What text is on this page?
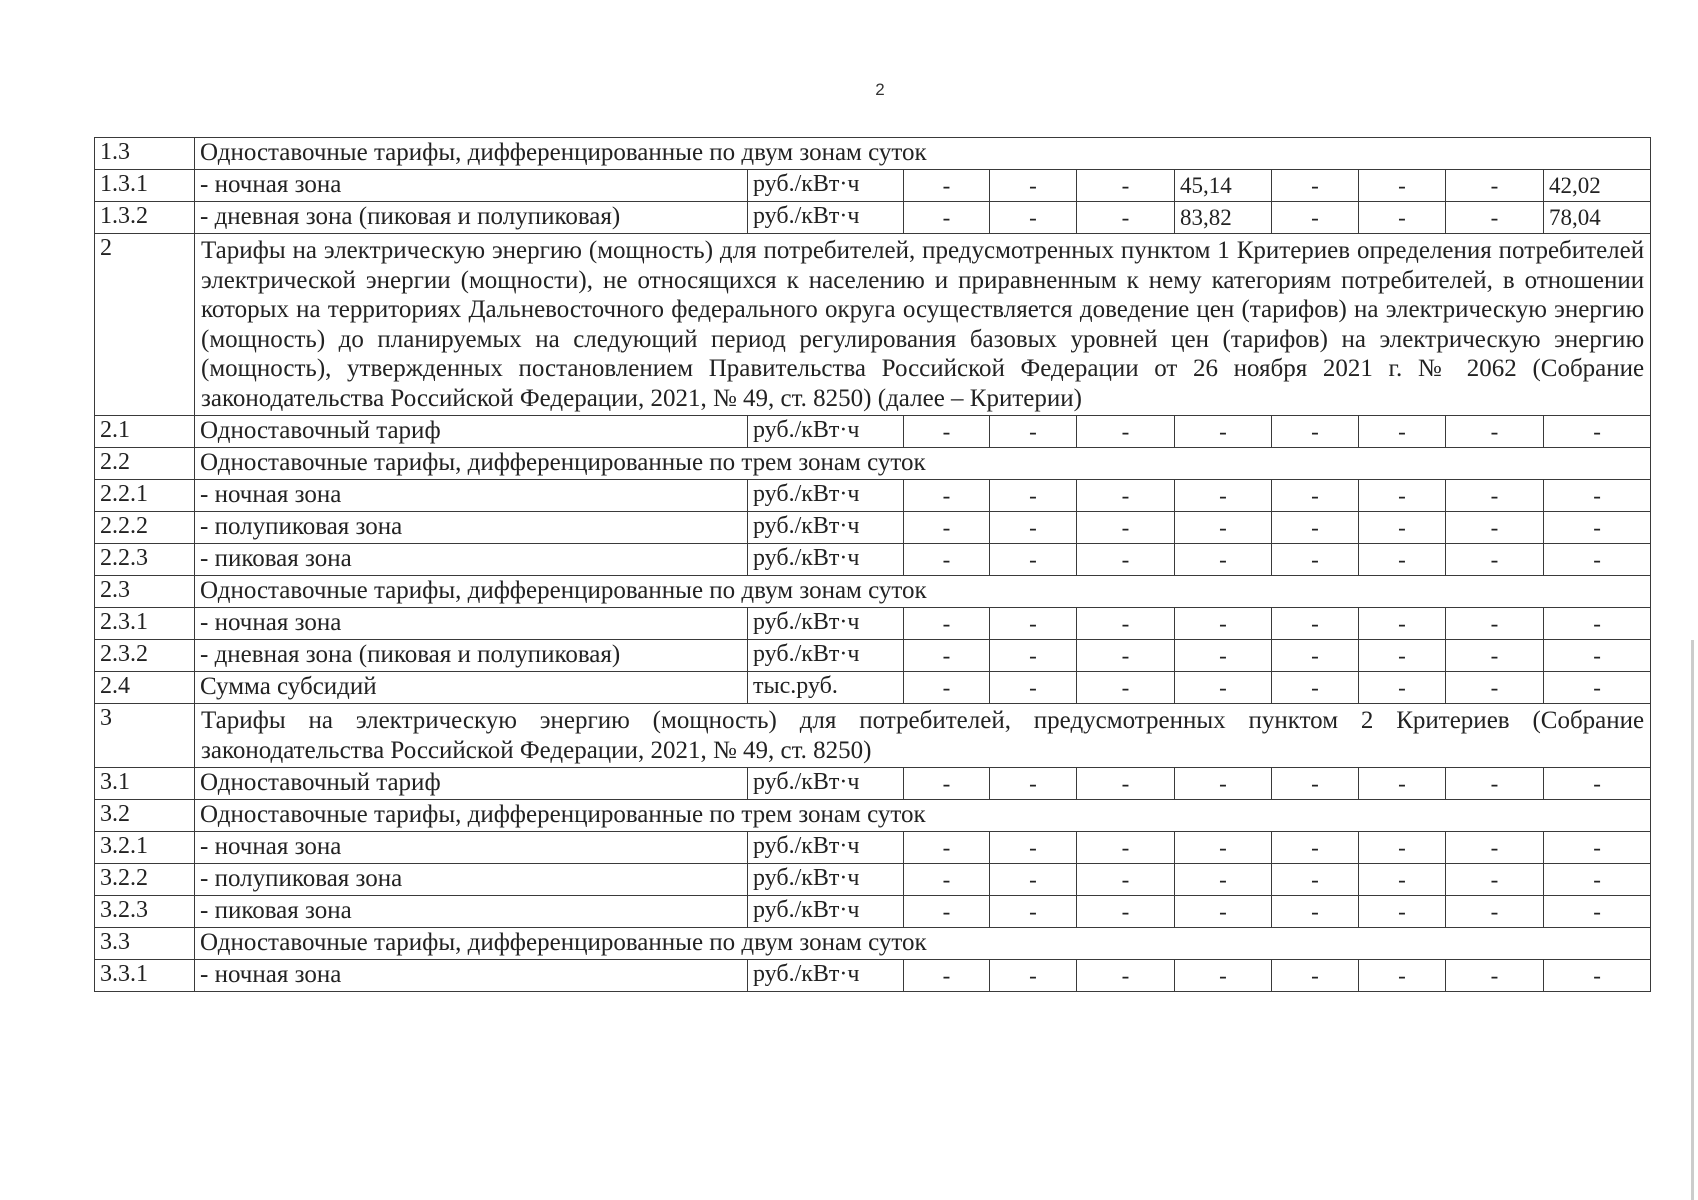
2
1.3	Одноставочные тарифы, дифференцированные по двум зонам суток									
1.3.1	- ночная зона	руб./кВт·ч	-	-	-	45,14	-	-	-	42,02
1.3.2	- дневная зона (пиковая и полупиковая)	руб./кВт·ч	-	-	-	83,82	-	-	-	78,04
2	Тарифы на электрическую энергию (мощность) для потребителей, предусмотренных пунктом 1 Критериев определения потребителей электрической энергии (мощности), не относящихся к населению и приравненным к нему категориям потребителей, в отношении которых на территориях Дальневосточного федерального округа осуществляется доведение цен (тарифов) на электрическую энергию (мощность) до планируемых на следующий период регулирования базовых уровней цен (тарифов) на электрическую энергию (мощность), утвержденных постановлением Правительства Российской Федерации от 26 ноября 2021 г. № 2062 (Собрание законодательства Российской Федерации, 2021, № 49, ст. 8250) (далее – Критерии)									
2.1	Одноставочный тариф	руб./кВт·ч	-	-	-	-	-	-	-	-
2.2	Одноставочные тарифы, дифференцированные по трем зонам суток									
2.2.1	- ночная зона	руб./кВт·ч	-	-	-	-	-	-	-	-
2.2.2	- полупиковая зона	руб./кВт·ч	-	-	-	-	-	-	-	-
2.2.3	- пиковая зона	руб./кВт·ч	-	-	-	-	-	-	-	-
2.3	Одноставочные тарифы, дифференцированные по двум зонам суток									
2.3.1	- ночная зона	руб./кВт·ч	-	-	-	-	-	-	-	-
2.3.2	- дневная зона (пиковая и полупиковая)	руб./кВт·ч	-	-	-	-	-	-	-	-
2.4	Сумма субсидий	тыс.руб.	-	-	-	-	-	-	-	-
3	Тарифы на электрическую энергию (мощность) для потребителей, предусмотренных пунктом 2 Критериев (Собрание законодательства Российской Федерации, 2021, № 49, ст. 8250)									
3.1	Одноставочный тариф	руб./кВт·ч	-	-	-	-	-	-	-	-
3.2	Одноставочные тарифы, дифференцированные по трем зонам суток									
3.2.1	- ночная зона	руб./кВт·ч	-	-	-	-	-	-	-	-
3.2.2	- полупиковая зона	руб./кВт·ч	-	-	-	-	-	-	-	-
3.2.3	- пиковая зона	руб./кВт·ч	-	-	-	-	-	-	-	-
3.3	Одноставочные тарифы, дифференцированные по двум зонам суток									
3.3.1	- ночная зона	руб./кВт·ч	-	-	-	-	-	-	-	-
